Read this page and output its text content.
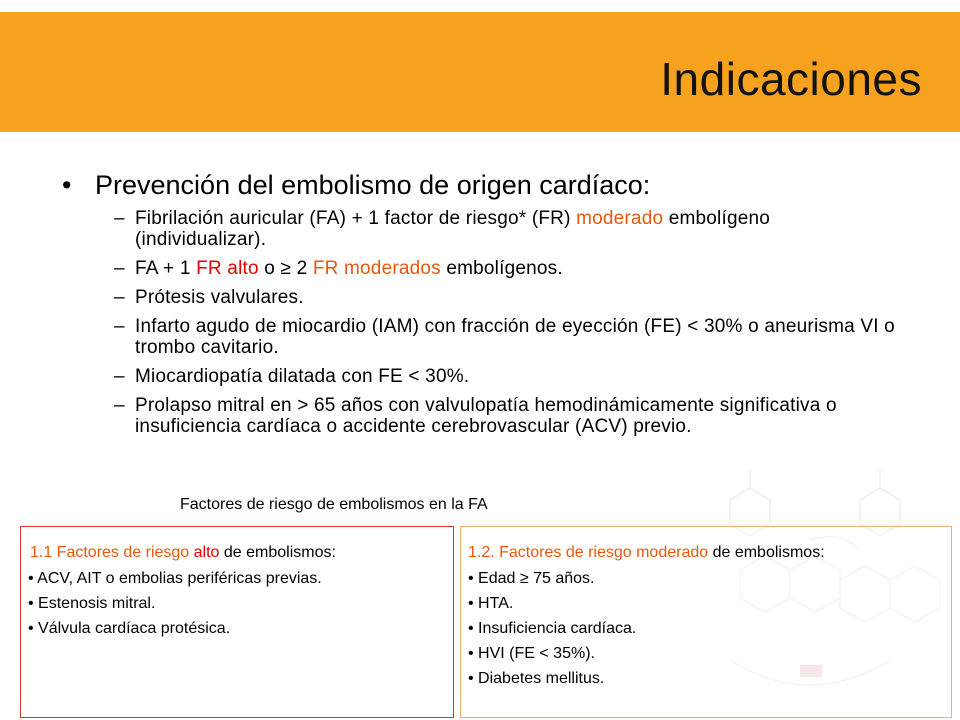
Indicaciones
• Prevención del embolismo de origen cardíaco:
– Fibrilación auricular (FA) + 1 factor de riesgo* (FR) moderado embolígeno (individualizar).
– FA + 1 FR alto o ≥ 2 FR moderados embolígenos.
– Prótesis valvulares.
– Infarto agudo de miocardio (IAM) con fracción de eyección (FE) < 30% o aneurisma VI o trombo cavitario.
– Miocardiopatía dilatada con FE < 30%.
– Prolapso mitral en > 65 años con valvulopatía hemodinámicamente significativa o insuficiencia cardíaca o accidente cerebrovascular (ACV) previo.
Factores de riesgo de embolismos en la FA
1.1 Factores de riesgo alto de embolismos:
• ACV, AIT o embolias periféricas previas.
• Estenosis mitral.
• Válvula cardíaca protésica.
1.2. Factores de riesgo moderado de embolismos:
• Edad ≥ 75 años.
• HTA.
• Insuficiencia cardíaca.
• HVI (FE < 35%).
• Diabetes mellitus.
